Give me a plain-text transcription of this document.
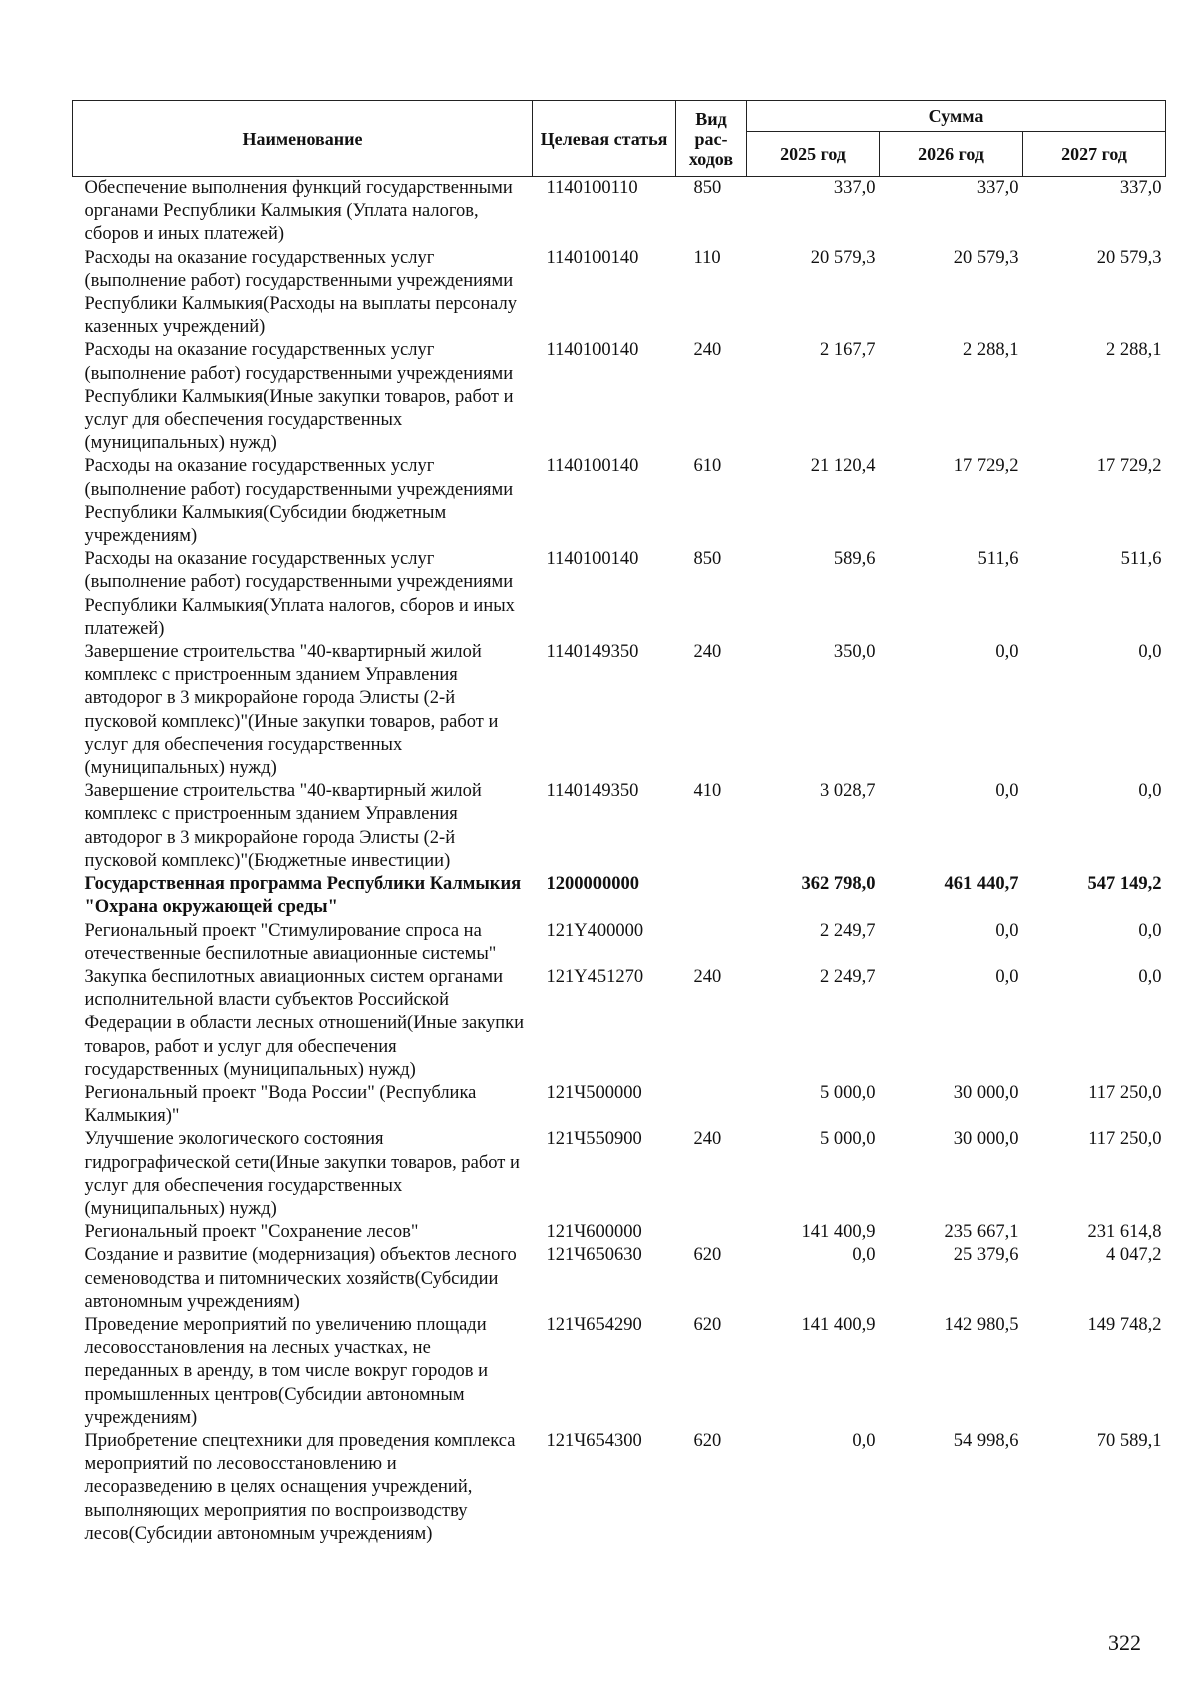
Наименование	Целевая статья	Вид рас-ходов	Сумма		
			2025 год	2026 год	2027 год
Обеспечение выполнения функций государственными органами Республики Калмыкия (Уплата налогов, сборов и иных платежей)	1140100110	850	337,0	337,0	337,0
Расходы на оказание государственных услуг (выполнение работ) государственными учреждениями Республики Калмыкия(Расходы на выплаты персоналу казенных учреждений)	1140100140	110	20 579,3	20 579,3	20 579,3
Расходы на оказание государственных услуг (выполнение работ) государственными учреждениями Республики Калмыкия(Иные закупки товаров, работ и услуг для обеспечения государственных (муниципальных) нужд)	1140100140	240	2 167,7	2 288,1	2 288,1
Расходы на оказание государственных услуг (выполнение работ) государственными учреждениями Республики Калмыкия(Субсидии бюджетным учреждениям)	1140100140	610	21 120,4	17 729,2	17 729,2
Расходы на оказание государственных услуг (выполнение работ) государственными учреждениями Республики Калмыкия(Уплата налогов, сборов и иных платежей)	1140100140	850	589,6	511,6	511,6
Завершение строительства "40-квартирный жилой комплекс с пристроенным зданием Управления автодорог в 3 микрорайоне города Элисты (2-й пусковой комплекс)"(Иные закупки товаров, работ и услуг для обеспечения государственных (муниципальных) нужд)	1140149350	240	350,0	0,0	0,0
Завершение строительства "40-квартирный жилой комплекс с пристроенным зданием Управления автодорог в 3 микрорайоне города Элисты (2-й пусковой комплекс)"(Бюджетные инвестиции)	1140149350	410	3 028,7	0,0	0,0
Государственная программа Республики Калмыкия "Охрана окружающей среды"	1200000000		362 798,0	461 440,7	547 149,2
Региональный проект "Стимулирование спроса на отечественные беспилотные авиационные системы"	121Y400000		2 249,7	0,0	0,0
Закупка беспилотных авиационных систем органами исполнительной власти субъектов Российской Федерации в области лесных отношений(Иные закупки товаров, работ и услуг для обеспечения государственных (муниципальных) нужд)	121Y451270	240	2 249,7	0,0	0,0
Региональный проект "Вода России" (Республика Калмыкия)"	121Ч500000		5 000,0	30 000,0	117 250,0
Улучшение экологического состояния гидрографической сети(Иные закупки товаров, работ и услуг для обеспечения государственных (муниципальных) нужд)	121Ч550900	240	5 000,0	30 000,0	117 250,0
Региональный проект "Сохранение лесов"	121Ч600000		141 400,9	235 667,1	231 614,8
Создание и развитие (модернизация) объектов лесного семеноводства и питомнических хозяйств(Субсидии автономным учреждениям)	121Ч650630	620	0,0	25 379,6	4 047,2
Проведение мероприятий по увеличению площади лесовосстановления на лесных участках, не переданных в аренду, в том числе вокруг городов и промышленных центров(Субсидии автономным учреждениям)	121Ч654290	620	141 400,9	142 980,5	149 748,2
Приобретение спецтехники для проведения комплекса мероприятий по лесовосстановлению и лесоразведению в целях оснащения учреждений, выполняющих мероприятия по воспроизводству лесов(Субсидии автономным учреждениям)	121Ч654300	620	0,0	54 998,6	70 589,1
322
